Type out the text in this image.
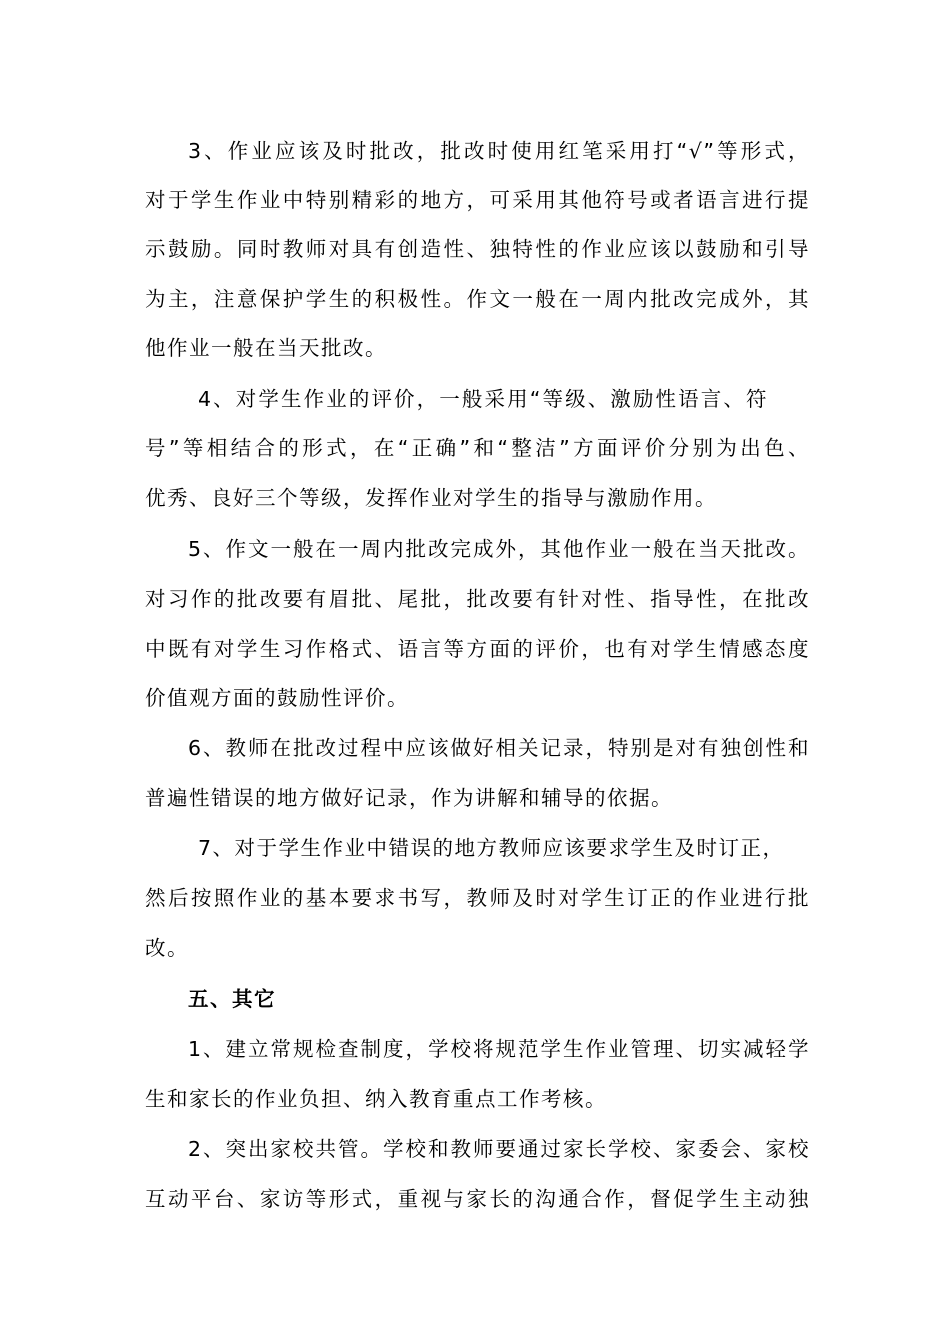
3、作业应该及时批改，批改时使用红笔采用打“√”等形式，
对于学生作业中特别精彩的地方，可采用其他符号或者语言进行提
示鼓励。同时教师对具有创造性、独特性的作业应该以鼓励和引导
为主，注意保护学生的积极性。作文一般在一周内批改完成外，其
他作业一般在当天批改。
4、对学生作业的评价，一般采用“等级、激励性语言、符
号”等相结合的形式，在“正确”和“整洁”方面评价分别为出色、
优秀、良好三个等级，发挥作业对学生的指导与激励作用。
5、作文一般在一周内批改完成外，其他作业一般在当天批改。
对习作的批改要有眉批、尾批，批改要有针对性、指导性，在批改
中既有对学生习作格式、语言等方面的评价，也有对学生情感态度
价值观方面的鼓励性评价。
6、教师在批改过程中应该做好相关记录，特别是对有独创性和
普遍性错误的地方做好记录，作为讲解和辅导的依据。
7、对于学生作业中错误的地方教师应该要求学生及时订正，
然后按照作业的基本要求书写，教师及时对学生订正的作业进行批
改。
五、其它
1、建立常规检查制度，学校将规范学生作业管理、切实减轻学
生和家长的作业负担、纳入教育重点工作考核。
2、突出家校共管。学校和教师要通过家长学校、家委会、家校
互动平台、家访等形式，重视与家长的沟通合作，督促学生主动独
